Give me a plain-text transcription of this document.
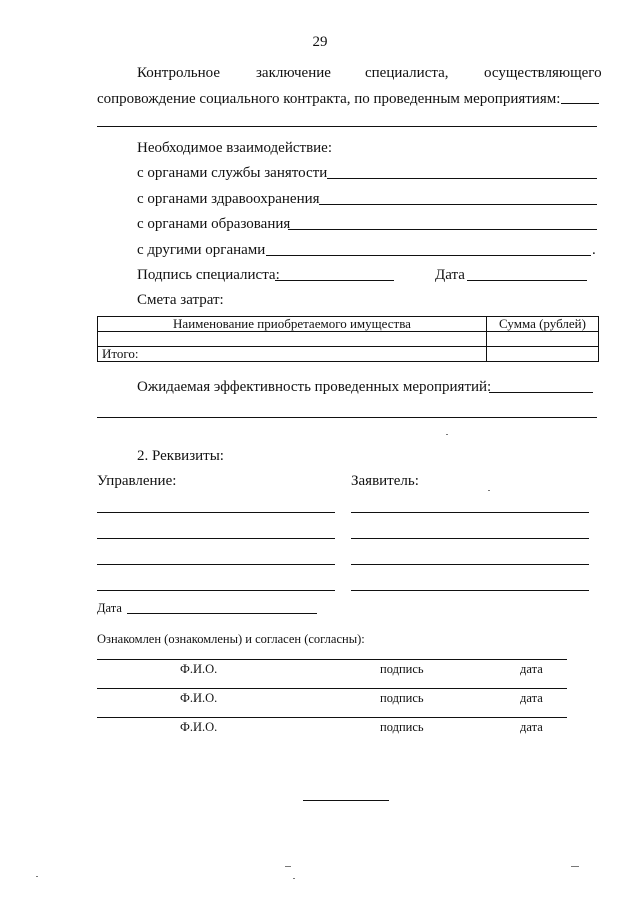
29
Контрольное заключение специалиста, осуществляющего
сопровождение социального контракта, по проведенным мероприятиям:
Необходимое взаимодействие:
с органами службы занятости
с органами здравоохранения
с органами образования
с другими органами	.
Подпись специалиста:	Дата
Смета затрат:
Наименование приобретаемого имущества	Сумма (рублей)

Итого:	
Ожидаемая эффективность проведенных мероприятий:
2. Реквизиты:
Управление:	Заявитель:
Дата
Ознакомлен (ознакомлены) и согласен (согласны):
Ф.И.О.	подпись	дата
Ф.И.О.	подпись	дата
Ф.И.О.	подпись	дата
